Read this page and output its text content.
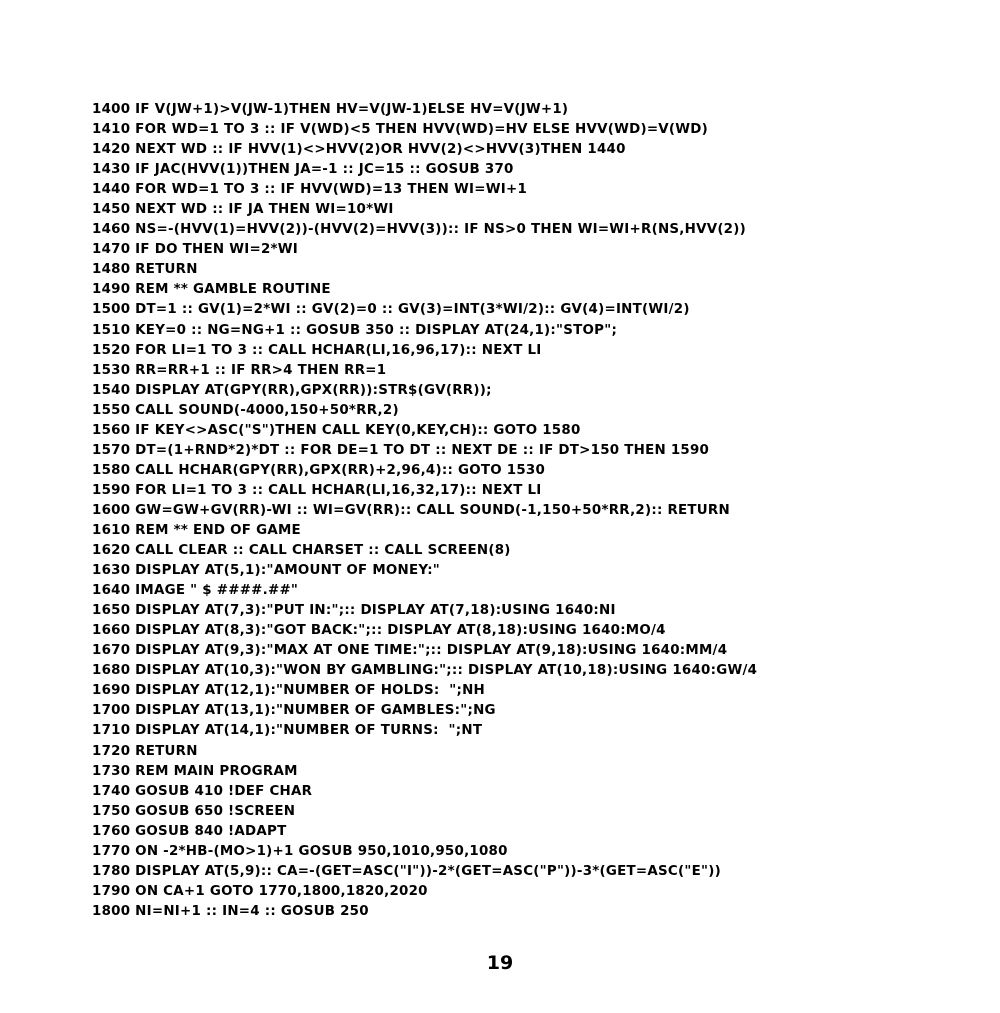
1400 IF V(JW+1)>V(JW-1)THEN HV=V(JW-1)ELSE HV=V(JW+1)
1410 FOR WD=1 TO 3 :: IF V(WD)<5 THEN HVV(WD)=HV ELSE HVV(WD)=V(WD)
1420 NEXT WD :: IF HVV(1)<>HVV(2)OR HVV(2)<>HVV(3)THEN 1440
1430 IF JAC(HVV(1))THEN JA=-1 :: JC=15 :: GOSUB 370
1440 FOR WD=1 TO 3 :: IF HVV(WD)=13 THEN WI=WI+1
1450 NEXT WD :: IF JA THEN WI=10*WI
1460 NS=-(HVV(1)=HVV(2))-(HVV(2)=HVV(3)):: IF NS>0 THEN WI=WI+R(NS,HVV(2))
1470 IF DO THEN WI=2*WI
1480 RETURN
1490 REM ** GAMBLE ROUTINE
1500 DT=1 :: GV(1)=2*WI :: GV(2)=0 :: GV(3)=INT(3*WI/2):: GV(4)=INT(WI/2)
1510 KEY=0 :: NG=NG+1 :: GOSUB 350 :: DISPLAY AT(24,1):"STOP";
1520 FOR LI=1 TO 3 :: CALL HCHAR(LI,16,96,17):: NEXT LI
1530 RR=RR+1 :: IF RR>4 THEN RR=1
1540 DISPLAY AT(GPY(RR),GPX(RR)):STR$(GV(RR));
1550 CALL SOUND(-4000,150+50*RR,2)
1560 IF KEY<>ASC("S")THEN CALL KEY(0,KEY,CH):: GOTO 1580
1570 DT=(1+RND*2)*DT :: FOR DE=1 TO DT :: NEXT DE :: IF DT>150 THEN 1590
1580 CALL HCHAR(GPY(RR),GPX(RR)+2,96,4):: GOTO 1530
1590 FOR LI=1 TO 3 :: CALL HCHAR(LI,16,32,17):: NEXT LI
1600 GW=GW+GV(RR)-WI :: WI=GV(RR):: CALL SOUND(-1,150+50*RR,2):: RETURN
1610 REM ** END OF GAME
1620 CALL CLEAR :: CALL CHARSET :: CALL SCREEN(8)
1630 DISPLAY AT(5,1):"AMOUNT OF MONEY:"
1640 IMAGE " $ ####.##"
1650 DISPLAY AT(7,3):"PUT IN:";:: DISPLAY AT(7,18):USING 1640:NI
1660 DISPLAY AT(8,3):"GOT BACK:";:: DISPLAY AT(8,18):USING 1640:MO/4
1670 DISPLAY AT(9,3):"MAX AT ONE TIME:";:: DISPLAY AT(9,18):USING 1640:MM/4
1680 DISPLAY AT(10,3):"WON BY GAMBLING:";:: DISPLAY AT(10,18):USING 1640:GW/4
1690 DISPLAY AT(12,1):"NUMBER OF HOLDS:  ";NH
1700 DISPLAY AT(13,1):"NUMBER OF GAMBLES:";NG
1710 DISPLAY AT(14,1):"NUMBER OF TURNS:  ";NT
1720 RETURN
1730 REM MAIN PROGRAM
1740 GOSUB 410 !DEF CHAR
1750 GOSUB 650 !SCREEN
1760 GOSUB 840 !ADAPT
1770 ON -2*HB-(MO>1)+1 GOSUB 950,1010,950,1080
1780 DISPLAY AT(5,9):: CA=-(GET=ASC("I"))-2*(GET=ASC("P"))-3*(GET=ASC("E"))
1790 ON CA+1 GOTO 1770,1800,1820,2020
1800 NI=NI+1 :: IN=4 :: GOSUB 250
19
